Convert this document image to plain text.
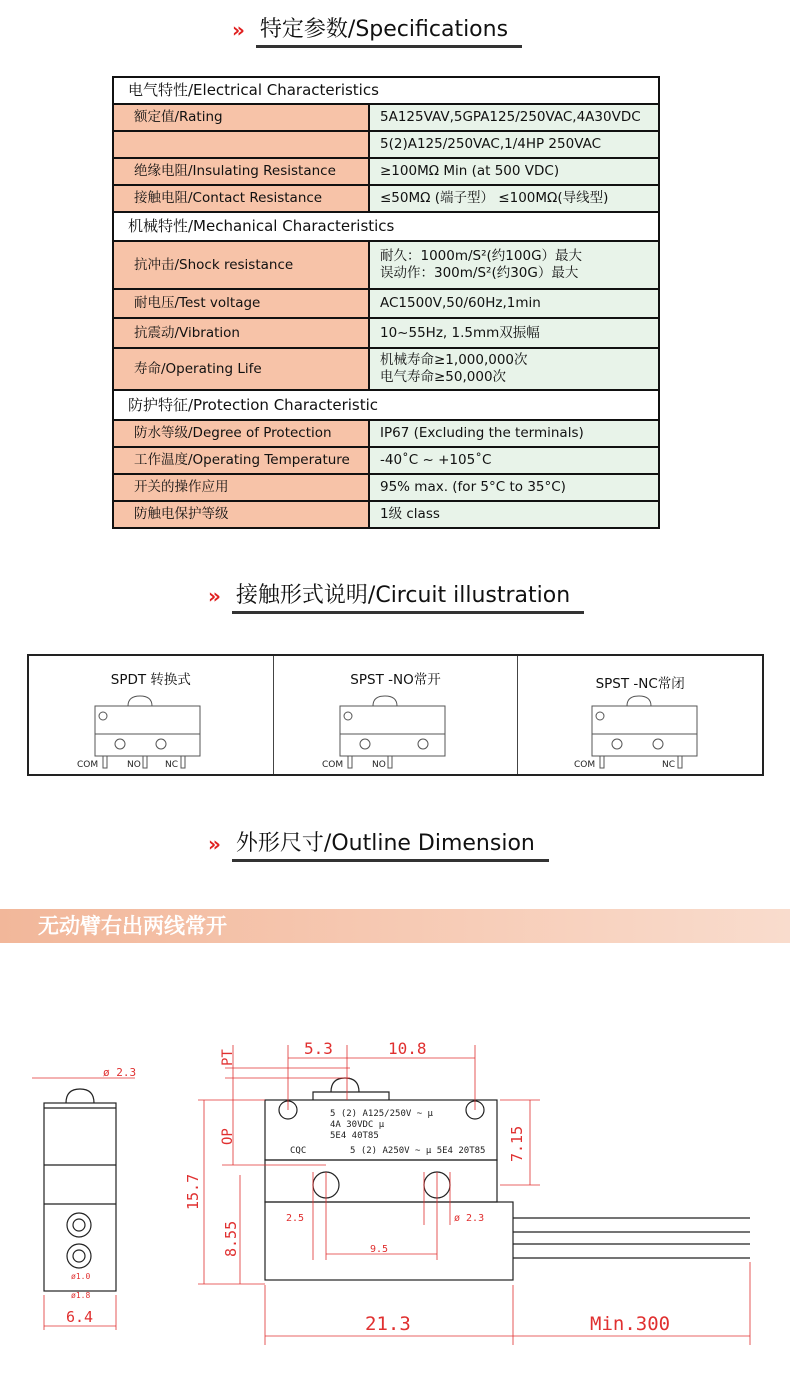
» 特定参数/Specifications
电气特性/Electrical Characteristics	
额定值/Rating	5A125VAV,5GPA125/250VAC,4A30VDC
	5(2)A125/250VAC,1/4HP 250VAC
绝缘电阻/Insulating Resistance	≥100MΩ Min (at 500 VDC)
接触电阻/Contact Resistance	≤50MΩ (端子型） ≤100MΩ(导线型)
机械特性/Mechanical Characteristics	
抗冲击/Shock resistance	耐久：1000m/S²(约100G）最大
误动作：300m/S²(约30G）最大

耐电压/Test voltage	AC1500V,50/60Hz,1min
抗震动/Vibration	10~55Hz, 1.5mm双振幅
寿命/Operating Life	机械寿命≥1,000,000次
电气寿命≥50,000次

防护特征/Protection Characteristic	
防水等级/Degree of Protection	IP67 (Excluding the terminals)
工作温度/Operating Temperature	-40˚C ~ +105˚C
开关的操作应用	95% max. (for 5°C to 35°C)
防触电保护等级	1级 class
» 接触形式说明/Circuit illustration
SPDT 转换式
COM	NO	NC
SPST -NO常开
COM	NO
SPST -NC常闭
COM	NC
» 外形尺寸/Outline Dimension
无动臂右出两线常开
ø 2.3
ø1.0
ø1.8
6.4
5 (2) A125/250V ~ μ
4A 30VDC μ
5E4 40T85
CQC	5 (2) A250V ~ μ 5E4 20T85
5.3	10.8
PT
OP
15.7
7.15
8.55
2.5
9.5
ø 2.3
21.3	Min.300
